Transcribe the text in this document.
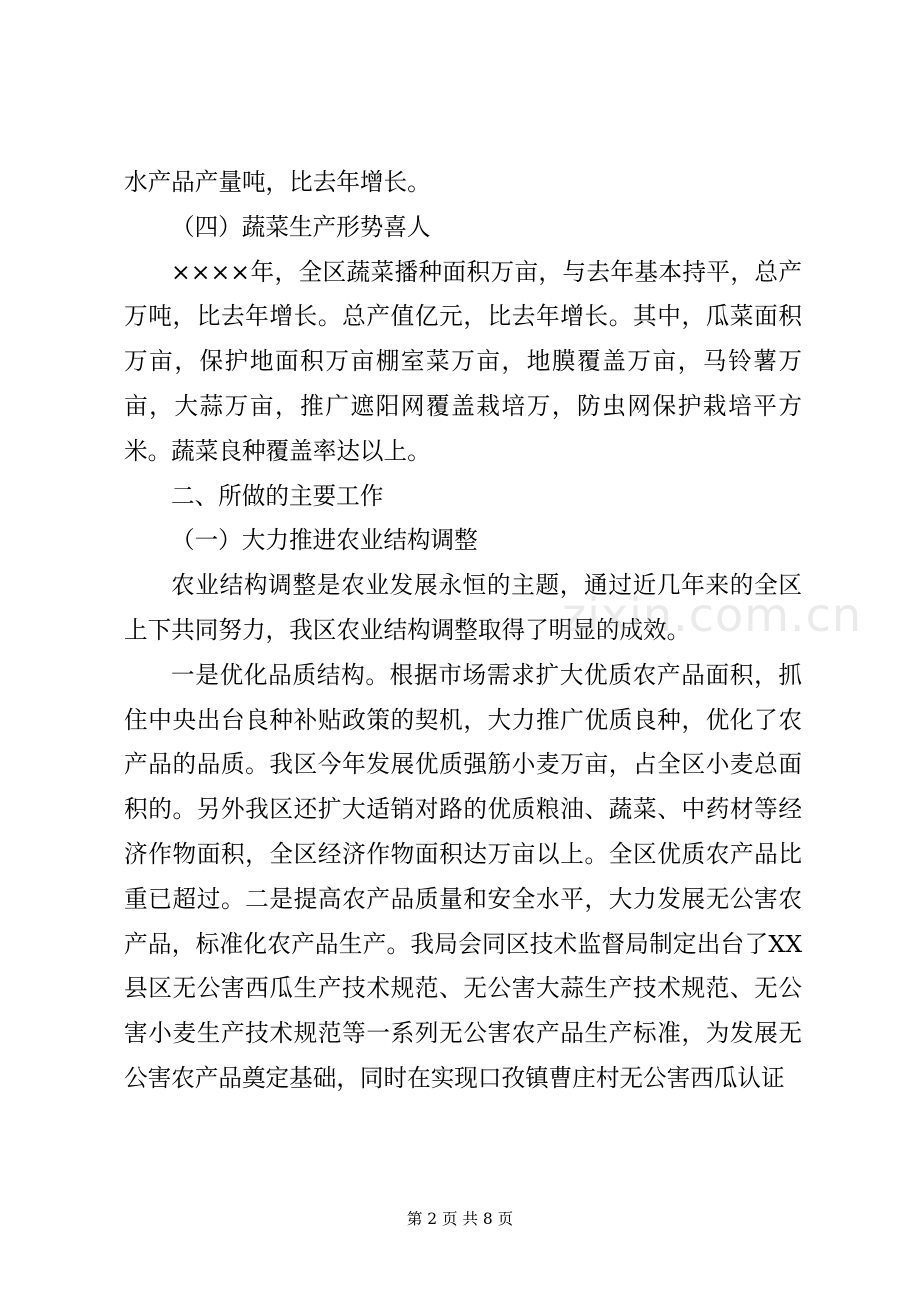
水产品产量吨，比去年增长。

（四）蔬菜生产形势喜人

××××年，全区蔬菜播种面积万亩，与去年基本持平，总产万吨，比去年增长。总产值亿元，比去年增长。其中，瓜菜面积万亩，保护地面积万亩棚室菜万亩，地膜覆盖万亩，马铃薯万亩，大蒜万亩，推广遮阳网覆盖栽培万，防虫网保护栽培平方米。蔬菜良种覆盖率达以上。

二、所做的主要工作

（一）大力推进农业结构调整

农业结构调整是农业发展永恒的主题，通过近几年来的全区上下共同努力，我区农业结构调整取得了明显的成效。

一是优化品质结构。根据市场需求扩大优质农产品面积，抓住中央出台良种补贴政策的契机，大力推广优质良种，优化了农产品的品质。我区今年发展优质强筋小麦万亩，占全区小麦总面积的。另外我区还扩大适销对路的优质粮油、蔬菜、中药材等经济作物面积，全区经济作物面积达万亩以上。全区优质农产品比重已超过。二是提高农产品质量和安全水平，大力发展无公害农产品，标准化农产品生产。我局会同区技术监督局制定出台了XX县区无公害西瓜生产技术规范、无公害大蒜生产技术规范、无公害小麦生产技术规范等一系列无公害农产品生产标准，为发展无公害农产品奠定基础，同时在实现口孜镇曹庄村无公害西瓜认证

zixin.com.cn
第 2 页 共 8 页
